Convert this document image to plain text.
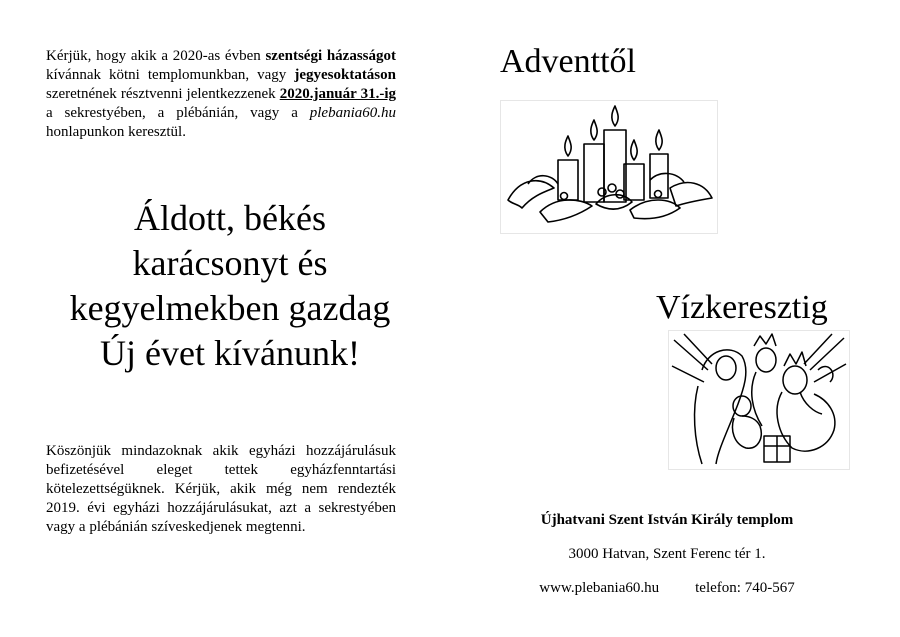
Kérjük, hogy akik a 2020-as évben szentségi házasságot kívánnak kötni templomunkban, vagy jegyesoktatáson szeretnének résztvenni jelentkezzenek 2020.január 31.-ig a sekrestyében, a plébánián, vagy a plebania60.hu honlapunkon keresztül.

Áldott, békés
karácsonyt és
kegyelmekben gazdag
Új évet kívánunk!

Köszönjük mindazoknak akik egyházi hozzájárulásuk befizetésével eleget tettek egyházfenntartási kötelezettségüknek. Kérjük, akik még nem rendezték 2019. évi egyházi hozzájárulásukat, azt a sekrestyében vagy a plébánián szíveskedjenek megtenni.

Adventtől
Vízkeresztig

Újhatvani Szent István Király templom

3000 Hatvan, Szent Ferenc tér 1.

www.plebania60.hu telefon: 740-567
